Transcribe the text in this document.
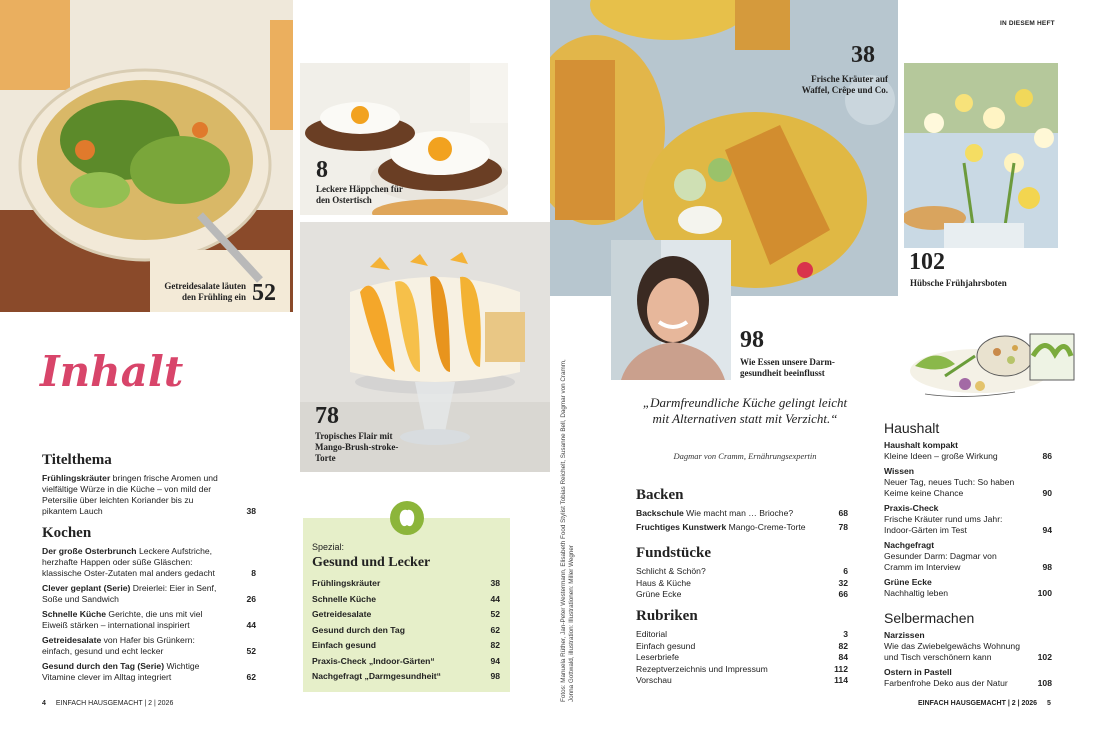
Getreidesalate läuten den Frühling ein 52
8
Leckere Häppchen für den Ostertisch
78
Tropisches Flair mit Mango-Brush-stroke-Torte
38
Frische Kräuter auf Waffel, Crêpe und Co.
102
Hübsche Frühjahrsboten
98
Wie Essen unsere Darm-gesundheit beeinflusst
Fotos: Manuela Rüther, Jan-Peter Westermann, Elisabeth Food Stylist Tobias Reichelt, Susanne Bell, Dagmar von Cramm, Jonna Gottwald, illustration: Illustrationen: Miller Wegner
IN DIESEM HEFT
Inhalt
Titelthema
Frühlingskräuter bringen frische Aromen und vielfältige Würze in die Küche – von mild der Petersilie über leichten Koriander bis zu pikantem Lauch	38
Kochen
Der große Osterbrunch Leckere Aufstriche, herzhafte Happen oder süße Gläschen: klassische Oster-Zutaten mal anders gedacht	8
Clever geplant (Serie) Dreierlei: Eier in Senf, Soße und Sandwich	26
Schnelle Küche Gerichte, die uns mit viel Eiweiß stärken – international inspiriert	44
Getreidesalate von Hafer bis Grünkern: einfach, gesund und echt lecker	52
Gesund durch den Tag (Serie) Wichtige Vitamine clever im Alltag integriert	62
Spezial:
Gesund und Lecker
Frühlingskräuter	38
Schnelle Küche	44
Getreidesalate	52
Gesund durch den Tag	62
Einfach gesund	82
Praxis-Check „Indoor-Gärten“	94
Nachgefragt „Darmgesundheit“	98
4 EINFACH HAUSGEMACHT | 2 | 2026
„Darmfreundliche Küche gelingt leicht mit Alternativen statt mit Verzicht.“
Dagmar von Cramm, Ernährungsexpertin
Backen
Backschule Wie macht man … Brioche?	68
Fruchtiges Kunstwerk Mango-Creme-Torte	78
Fundstücke
Schlicht & Schön?	6
Haus & Küche	32
Grüne Ecke	66
Rubriken
Editorial	3
Einfach gesund	82
Leserbriefe	84
Rezeptverzeichnis und Impressum	112
Vorschau	114
Haushalt
Haushalt kompakt
Kleine Ideen – große Wirkung	86
Wissen
Neuer Tag, neues Tuch: So haben Keime keine Chance	90
Praxis-Check
Frische Kräuter rund ums Jahr: Indoor-Gärten im Test	94
Nachgefragt
Gesunder Darm: Dagmar von Cramm im Interview	98
Grüne Ecke
Nachhaltig leben	100
Selbermachen
Narzissen
Wie das Zwiebelgewächs Wohnung und Tisch verschönern kann	102
Ostern in Pastell
Farbenfrohe Deko aus der Natur	108
EINFACH HAUSGEMACHT | 2 | 2026 5
